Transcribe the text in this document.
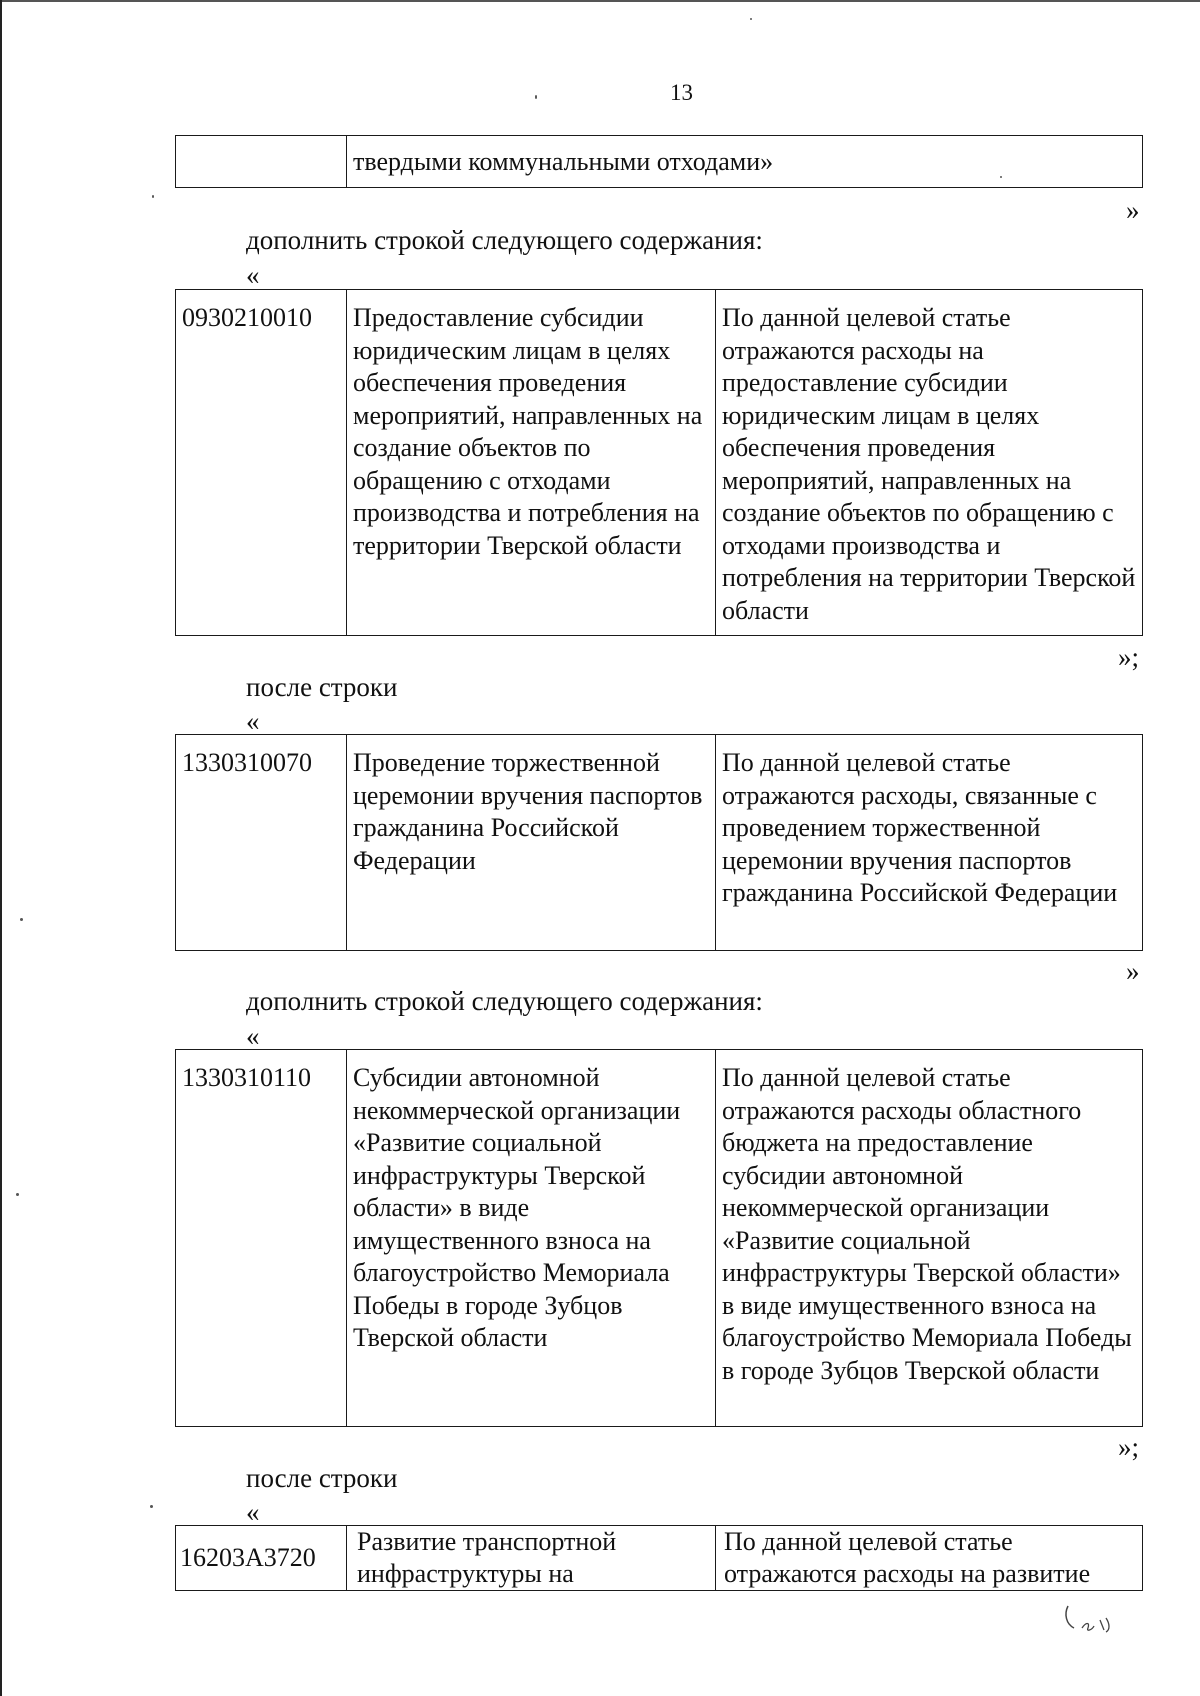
13
	твердыми коммунальными отходами»
»
дополнить строкой следующего содержания:
«
0930210010	Предоставление субсидии юридическим лицам в целях обеспечения проведения мероприятий, направленных на создание объектов по обращению с отходами производства и потребления на территории Тверской области	По данной целевой статье отражаются расходы на предоставление субсидии юридическим лицам в целях обеспечения проведения мероприятий, направленных на создание объектов по обращению с отходами производства и потребления на территории Тверской области
»;
после строки
«
1330310070	Проведение торжественной церемонии вручения паспортов гражданина Российской Федерации	По данной целевой статье отражаются расходы, связанные с проведением торжественной церемонии вручения паспортов гражданина Российской Федерации
»
дополнить строкой следующего содержания:
«
1330310110	Субсидии автономной некоммерческой организации «Развитие социальной инфраструктуры Тверской области» в виде имущественного взноса на благоустройство Мемориала Победы в городе Зубцов Тверской области	По данной целевой статье отражаются расходы областного бюджета на предоставление субсидии автономной некоммерческой организации «Развитие социальной инфраструктуры Тверской области» в виде имущественного взноса на благоустройство Мемориала Победы в городе Зубцов Тверской области
»;
после строки
«
16203А3720	Развитие транспортной инфраструктуры на	По данной целевой статье отражаются расходы на развитие
